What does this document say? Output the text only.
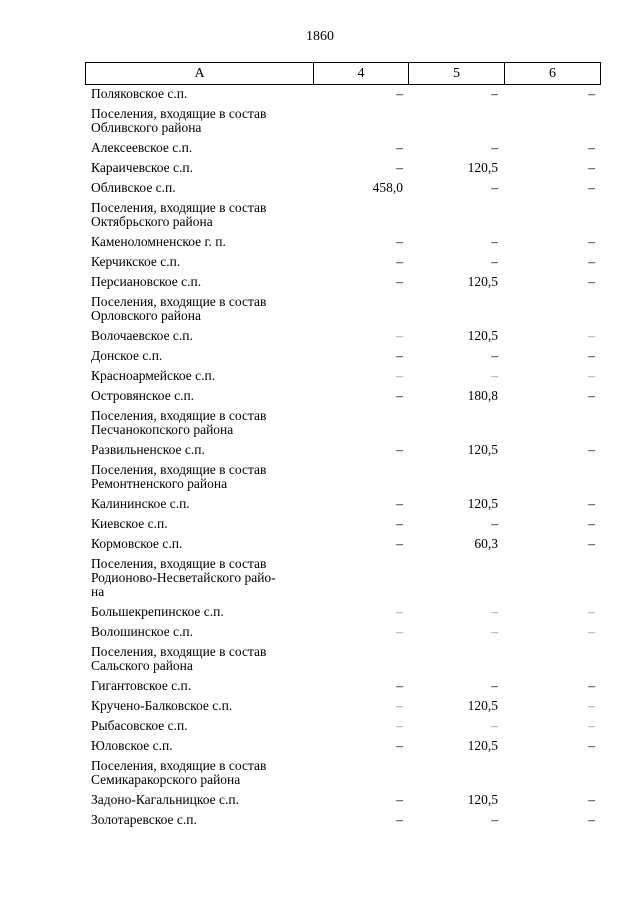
1860
А	4	5	6
Поляковское с.п.	–	–	–
Поселения, входящие в состав
Обливского района
Алексеевское с.п.	–	–	–
Караичевское с.п.	–	120,5	–
Обливское с.п.	458,0	–	–
Поселения, входящие в состав
Октябрьского района
Каменоломненское г. п.	–	–	–
Керчикское с.п.	–	–	–
Персиановское с.п.	–	120,5	–
Поселения, входящие в состав
Орловского района
Волочаевское с.п.	–	120,5	–
Донское с.п.	–	–	–
Красноармейское с.п.	–	–	–
Островянское с.п.	–	180,8	–
Поселения, входящие в состав
Песчанокопского района
Развильненское с.п.	–	120,5	–
Поселения, входящие в состав
Ремонтненского района
Калининское с.п.	–	120,5	–
Киевское с.п.	–	–	–
Кормовское с.п.	–	60,3	–
Поселения, входящие в состав
Родионово-Несветайского райо-
на
Большекрепинское с.п.	–	–	–
Волошинское с.п.	–	–	–
Поселения, входящие в состав
Сальского района
Гигантовское с.п.	–	–	–
Кручено-Балковское с.п.	–	120,5	–
Рыбасовское с.п.	–	–	–
Юловское с.п.	–	120,5	–
Поселения, входящие в состав
Семикаракорского района
Задоно-Кагальницкое с.п.	–	120,5	–
Золотаревское с.п.	–	–	–
